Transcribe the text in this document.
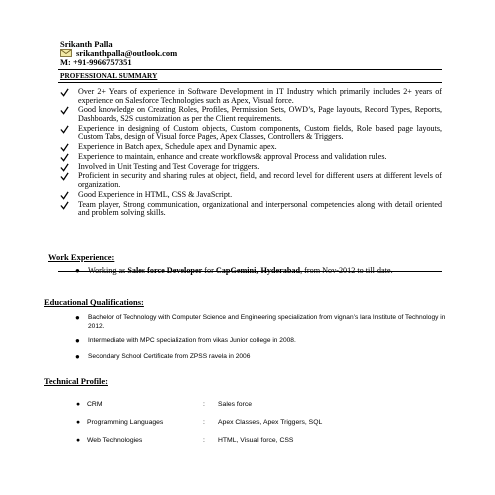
Srikanth Palla
srikanthpalla@outlook.com
M: +91-9966757351
PROFESSIONAL SUMMARY
Over 2+ Years of experience in Software Development in IT Industry which primarily includes 2+ years of experience on Salesforce Technologies such as Apex, Visual force.
Good knowledge on Creating Roles, Profiles, Permission Sets, OWD’s, Page layouts, Record Types, Reports, Dashboards, S2S customization as per the Client requirements.
Experience in designing of Custom objects, Custom components, Custom fields, Role based page layouts, Custom Tabs, design of Visual force Pages, Apex Classes, Controllers & Triggers.
Experience in Batch apex, Schedule apex and Dynamic apex.
Experience to maintain, enhance and create workflows& approval Process and validation rules.
Involved in Unit Testing and Test Coverage for triggers.
Proficient in security and sharing rules at object, field, and record level for different users at different levels of organization.
Good Experience in HTML, CSS & JavaScript.
Team player, Strong communication, organizational and interpersonal competencies along with detail oriented and problem solving skills.
Work Experience:
● Working as Sales force Developer for CapGemini, Hyderabad, from Nov-2012 to till date.
Educational Qualifications:
● Bachelor of Technology with Computer Science and Engineering specialization from vignan’s lara Institute of Technology in 2012.
● Intermediate with MPC specialization from vikas Junior college in 2008.
● Secondary School Certificate from ZPSS ravela in 2006
Technical Profile:
● CRM	: Sales force
● Programming Languages	: Apex Classes, Apex Triggers, SQL
● Web Technologies	: HTML, Visual force, CSS
